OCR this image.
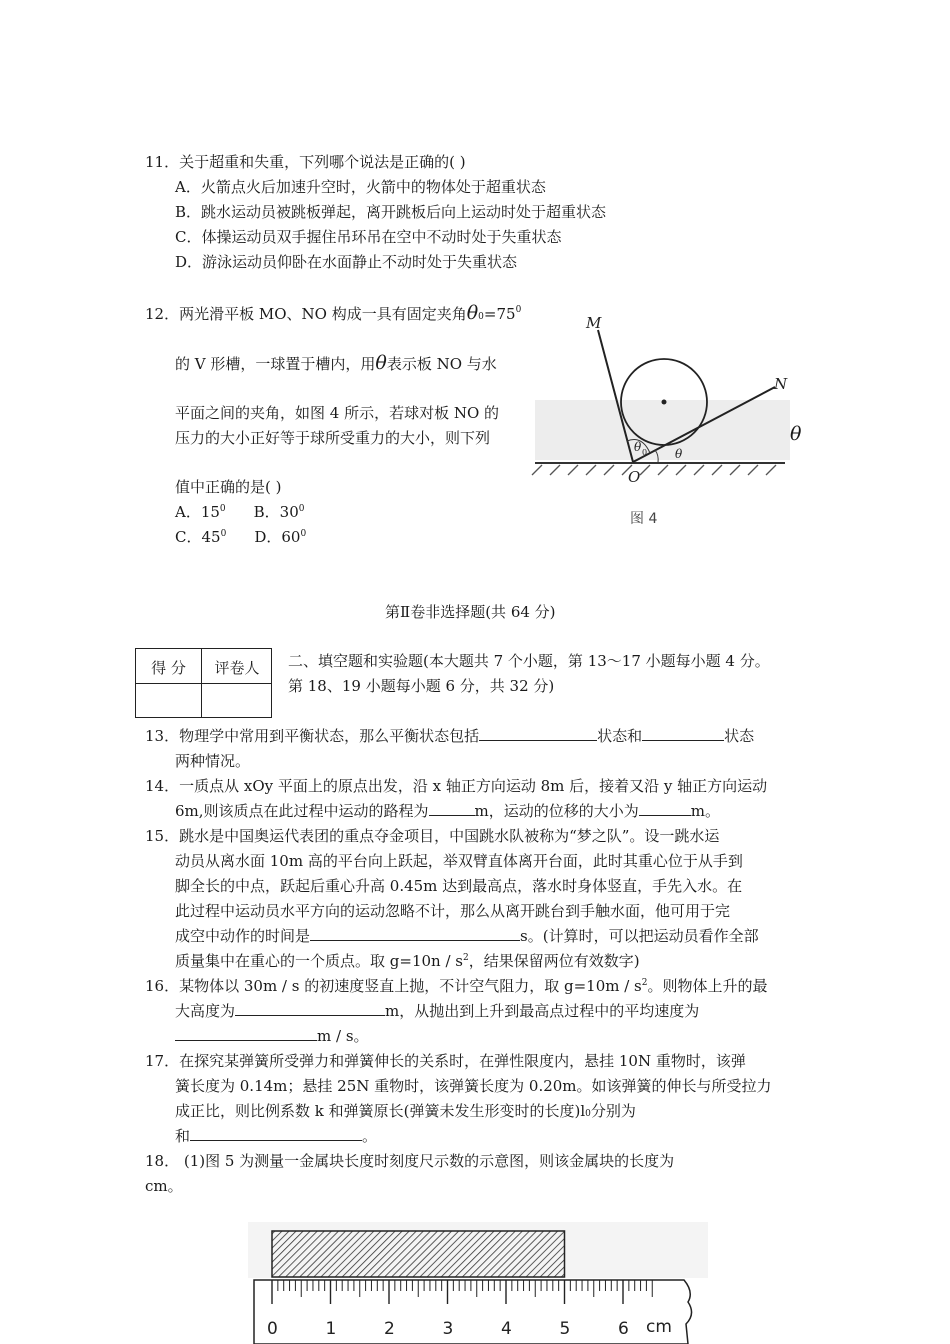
11．关于超重和失重，下列哪个说法是正确的( )
A．火箭点火后加速升空时，火箭中的物体处于超重状态
B．跳水运动员被跳板弹起，离开跳板后向上运动时处于超重状态
C．体操运动员双手握住吊环吊在空中不动时处于失重状态
D．游泳运动员仰卧在水面静止不动时处于失重状态
12．两光滑平板 MO、NO 构成一具有固定夹角$\theta 0=75^0$
的 V 形槽，一球置于槽内，用θ表示板 NO 与水
平面之间的夹角，如图 4 所示，若球对板 NO 的
压力的大小正好等于球所受重力的大小，则下列
值中正确的是( )
A．$15^0$ B．$30^0$
C．$45^0$ D．$60^0$
M
N
O
θ 0 θ
图 4
θ
第Ⅱ卷非选择题(共 64 分)
得 分	评卷人	二、填空题和实验题(本大题共 7 个小题，第 13～17 小题每小题 4 分。
第 18、19 小题每小题 6 分，共 32 分)
13．物理学中常用到平衡状态，那么平衡状态包括	状态和	状态
两种情况。
14．一质点从 xOy 平面上的原点出发，沿 x 轴正方向运动 8m 后，接着又沿 y 轴正方向运动
6m,则该质点在此过程中运动的路程为	m，运动的位移的大小为	m。
15．跳水是中国奥运代表团的重点夺金项目，中国跳水队被称为“梦之队”。设一跳水运
动员从离水面 10m 高的平台向上跃起，举双臂直体离开台面，此时其重心位于从手到
脚全长的中点，跃起后重心升高 0.45m 达到最高点，落水时身体竖直，手先入水。在
此过程中运动员水平方向的运动忽略不计，那么从离开跳台到手触水面，他可用于完
成空中动作的时间是	s。(计算时，可以把运动员看作全部
质量集中在重心的一个质点。取 $g=10n / s^2$，结果保留两位有效数字)
16．某物体以 30m / s 的初速度竖直上抛，不计空气阻力，取 $g=10m / s^2$。则物体上升的最
大高度为	m，从抛出到上升到最高点过程中的平均速度为
m / s。
17．在探究某弹簧所受弹力和弹簧伸长的关系时，在弹性限度内，悬挂 10N 重物时，该弹
簧长度为 0.14m；悬挂 25N 重物时，该弹簧长度为 0.20m。如该弹簧的伸长与所受拉力
成正比，则比例系数 k 和弹簧原长(弹簧未发生形变时的长度)l0分别为
和	。
18． (1)图 5 为测量一金属块长度时刻度尺示数的示意图，则该金属块的长度为
cm。
0	1	2	3	4	5	6 cm
